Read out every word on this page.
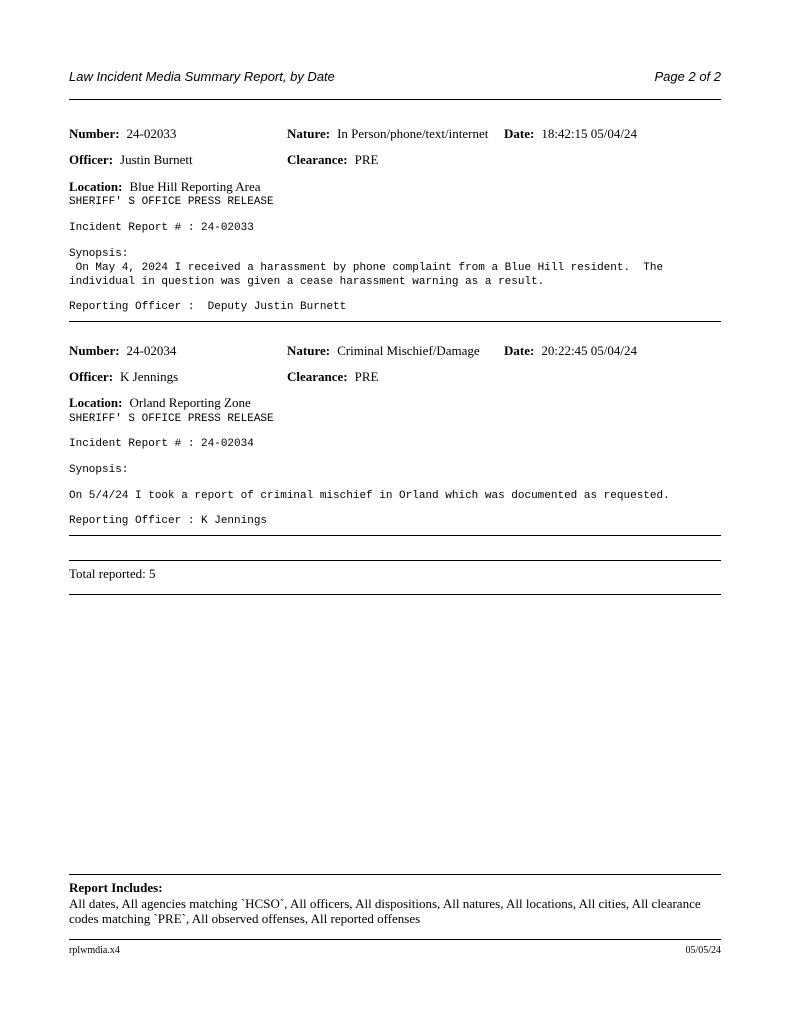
Law Incident Media Summary Report, by Date	Page 2 of 2
Number: 24-02033	Nature: In Person/phone/text/internet Date: 18:42:15 05/04/24
Officer: Justin Burnett	Clearance: PRE
Location: Blue Hill Reporting Area
SHERIFF' S OFFICE PRESS RELEASE
Incident Report # : 24-02033
Synopsis:
On May 4, 2024 I received a harassment by phone complaint from a Blue Hill resident.  The
individual in question was given a cease harassment warning as a result.
Reporting Officer :  Deputy Justin Burnett
Number: 24-02034	Nature: Criminal Mischief/Damage Date: 20:22:45 05/04/24
Officer: K Jennings	Clearance: PRE
Location: Orland Reporting Zone
SHERIFF' S OFFICE PRESS RELEASE
Incident Report # : 24-02034
Synopsis:
On 5/4/24 I took a report of criminal mischief in Orland which was documented as requested.
Reporting Officer : K Jennings
Total reported: 5
Report Includes:
All dates, All agencies matching `HCSO`, All officers, All dispositions, All natures, All locations, All cities, All clearance codes matching `PRE`, All observed offenses, All reported offenses
rplwmdia.x4	05/05/24
